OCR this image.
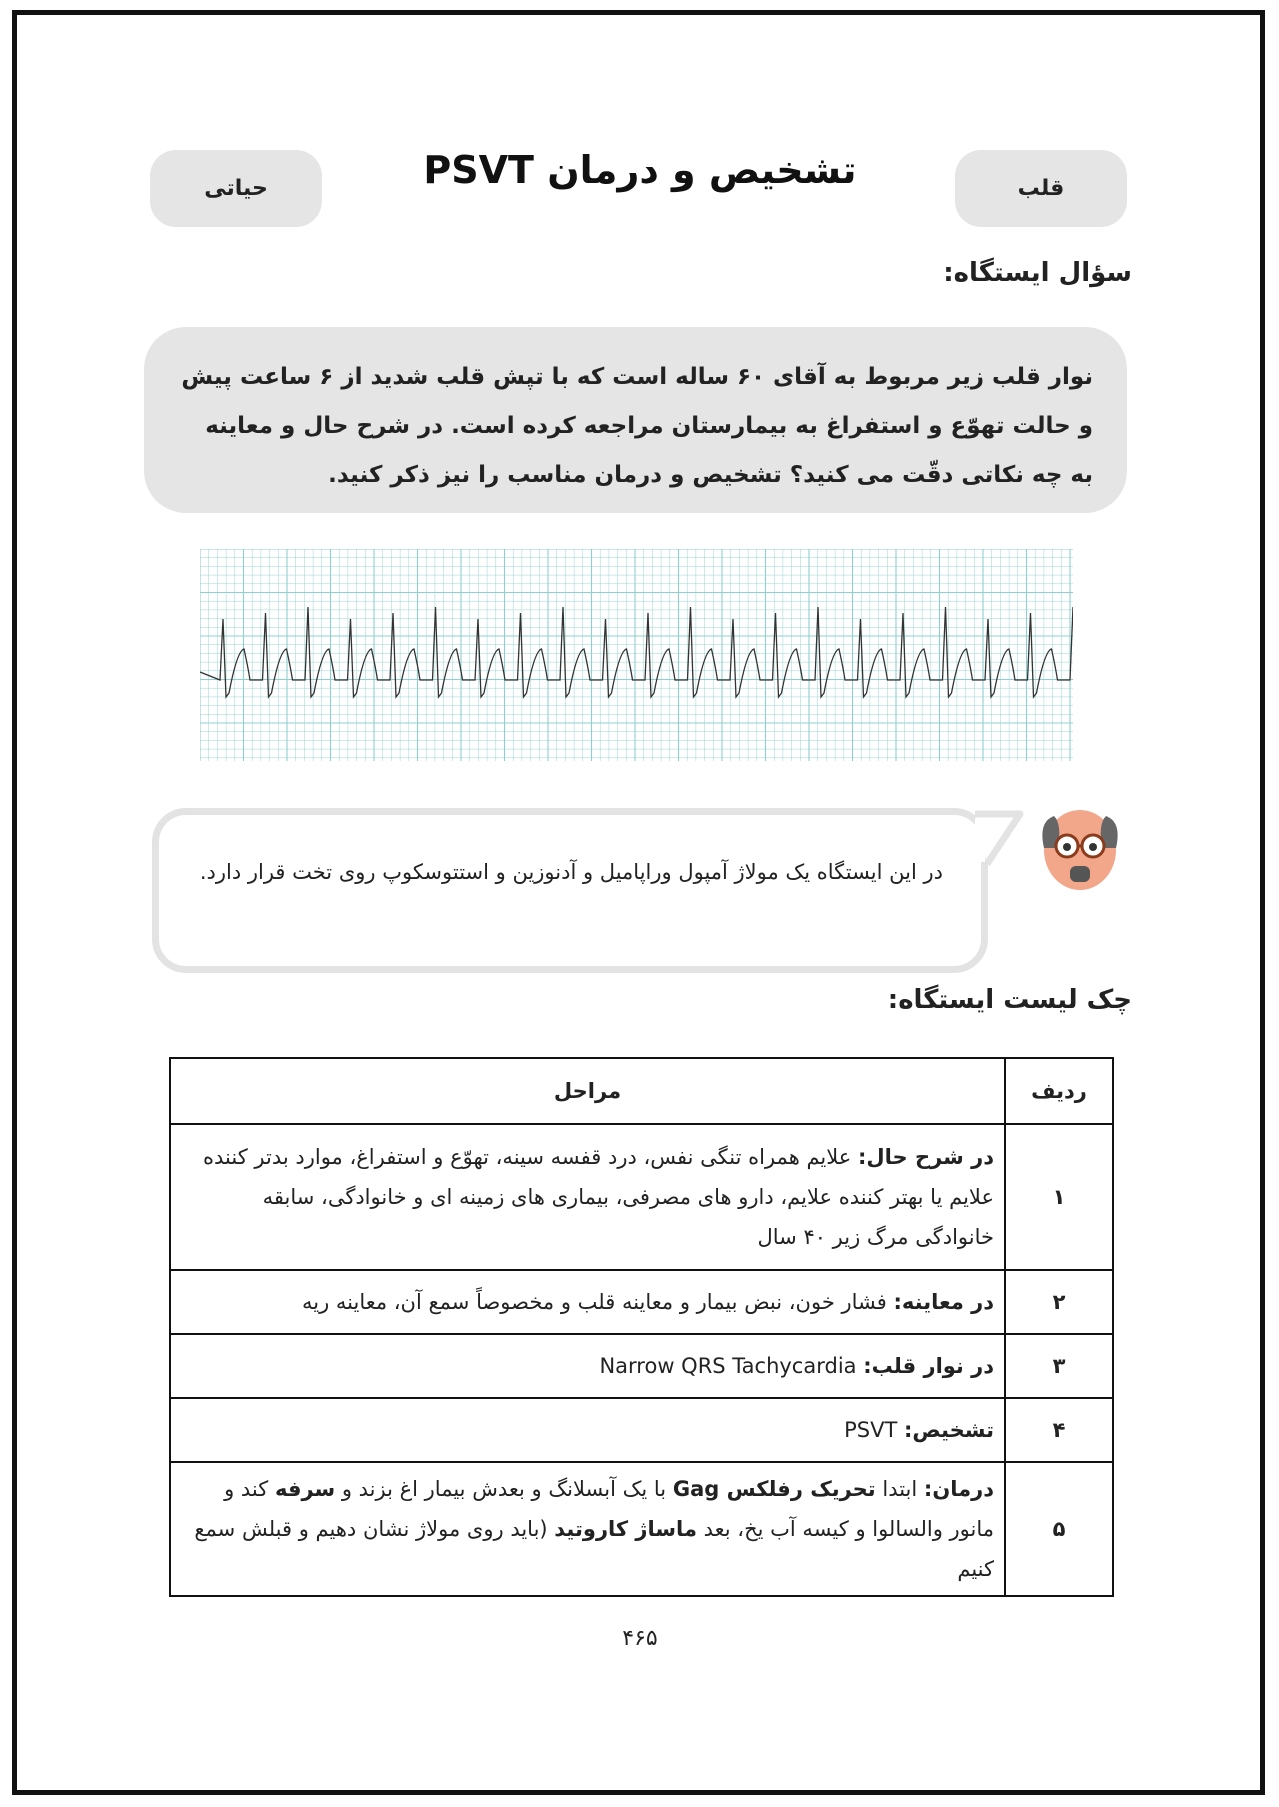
قلب
تشخیص و درمان PSVT
حیاتی
سؤال ایستگاه:
نوار قلب زیر مربوط به آقای ۶۰ ساله است که با تپش قلب شدید از ۶ ساعت پیش و حالت تهوّع و استفراغ به بیمارستان مراجعه کرده است. در شرح حال و معاینه به چه نکاتی دقّت می کنید؟ تشخیص و درمان مناسب را نیز ذکر کنید.
در این ایستگاه یک مولاژ آمپول وراپامیل و آدنوزین و استتوسکوپ روی تخت قرار دارد.
چک لیست ایستگاه:
ردیف	مراحل
۱	در شرح حال: علایم همراه تنگی نفس، درد قفسه سینه، تهوّع و استفراغ، موارد بدتر کننده علایم یا بهتر کننده علایم، دارو های مصرفی، بیماری های زمینه ای و خانوادگی، سابقه خانوادگی مرگ زیر ۴۰ سال
۲	در معاینه: فشار خون، نبض بیمار و معاینه قلب و مخصوصاً سمع آن، معاینه ریه
۳	در نوار قلب: Narrow QRS Tachycardia
۴	تشخیص: PSVT
۵	درمان: ابتدا تحریک رفلکس Gag با یک آبسلانگ و بعدش بیمار اغ بزند و سرفه کند و مانور والسالوا و کیسه آب یخ، بعد ماساژ کاروتید (باید روی مولاژ نشان دهیم و قبلش سمع کنیم
۴۶۵
